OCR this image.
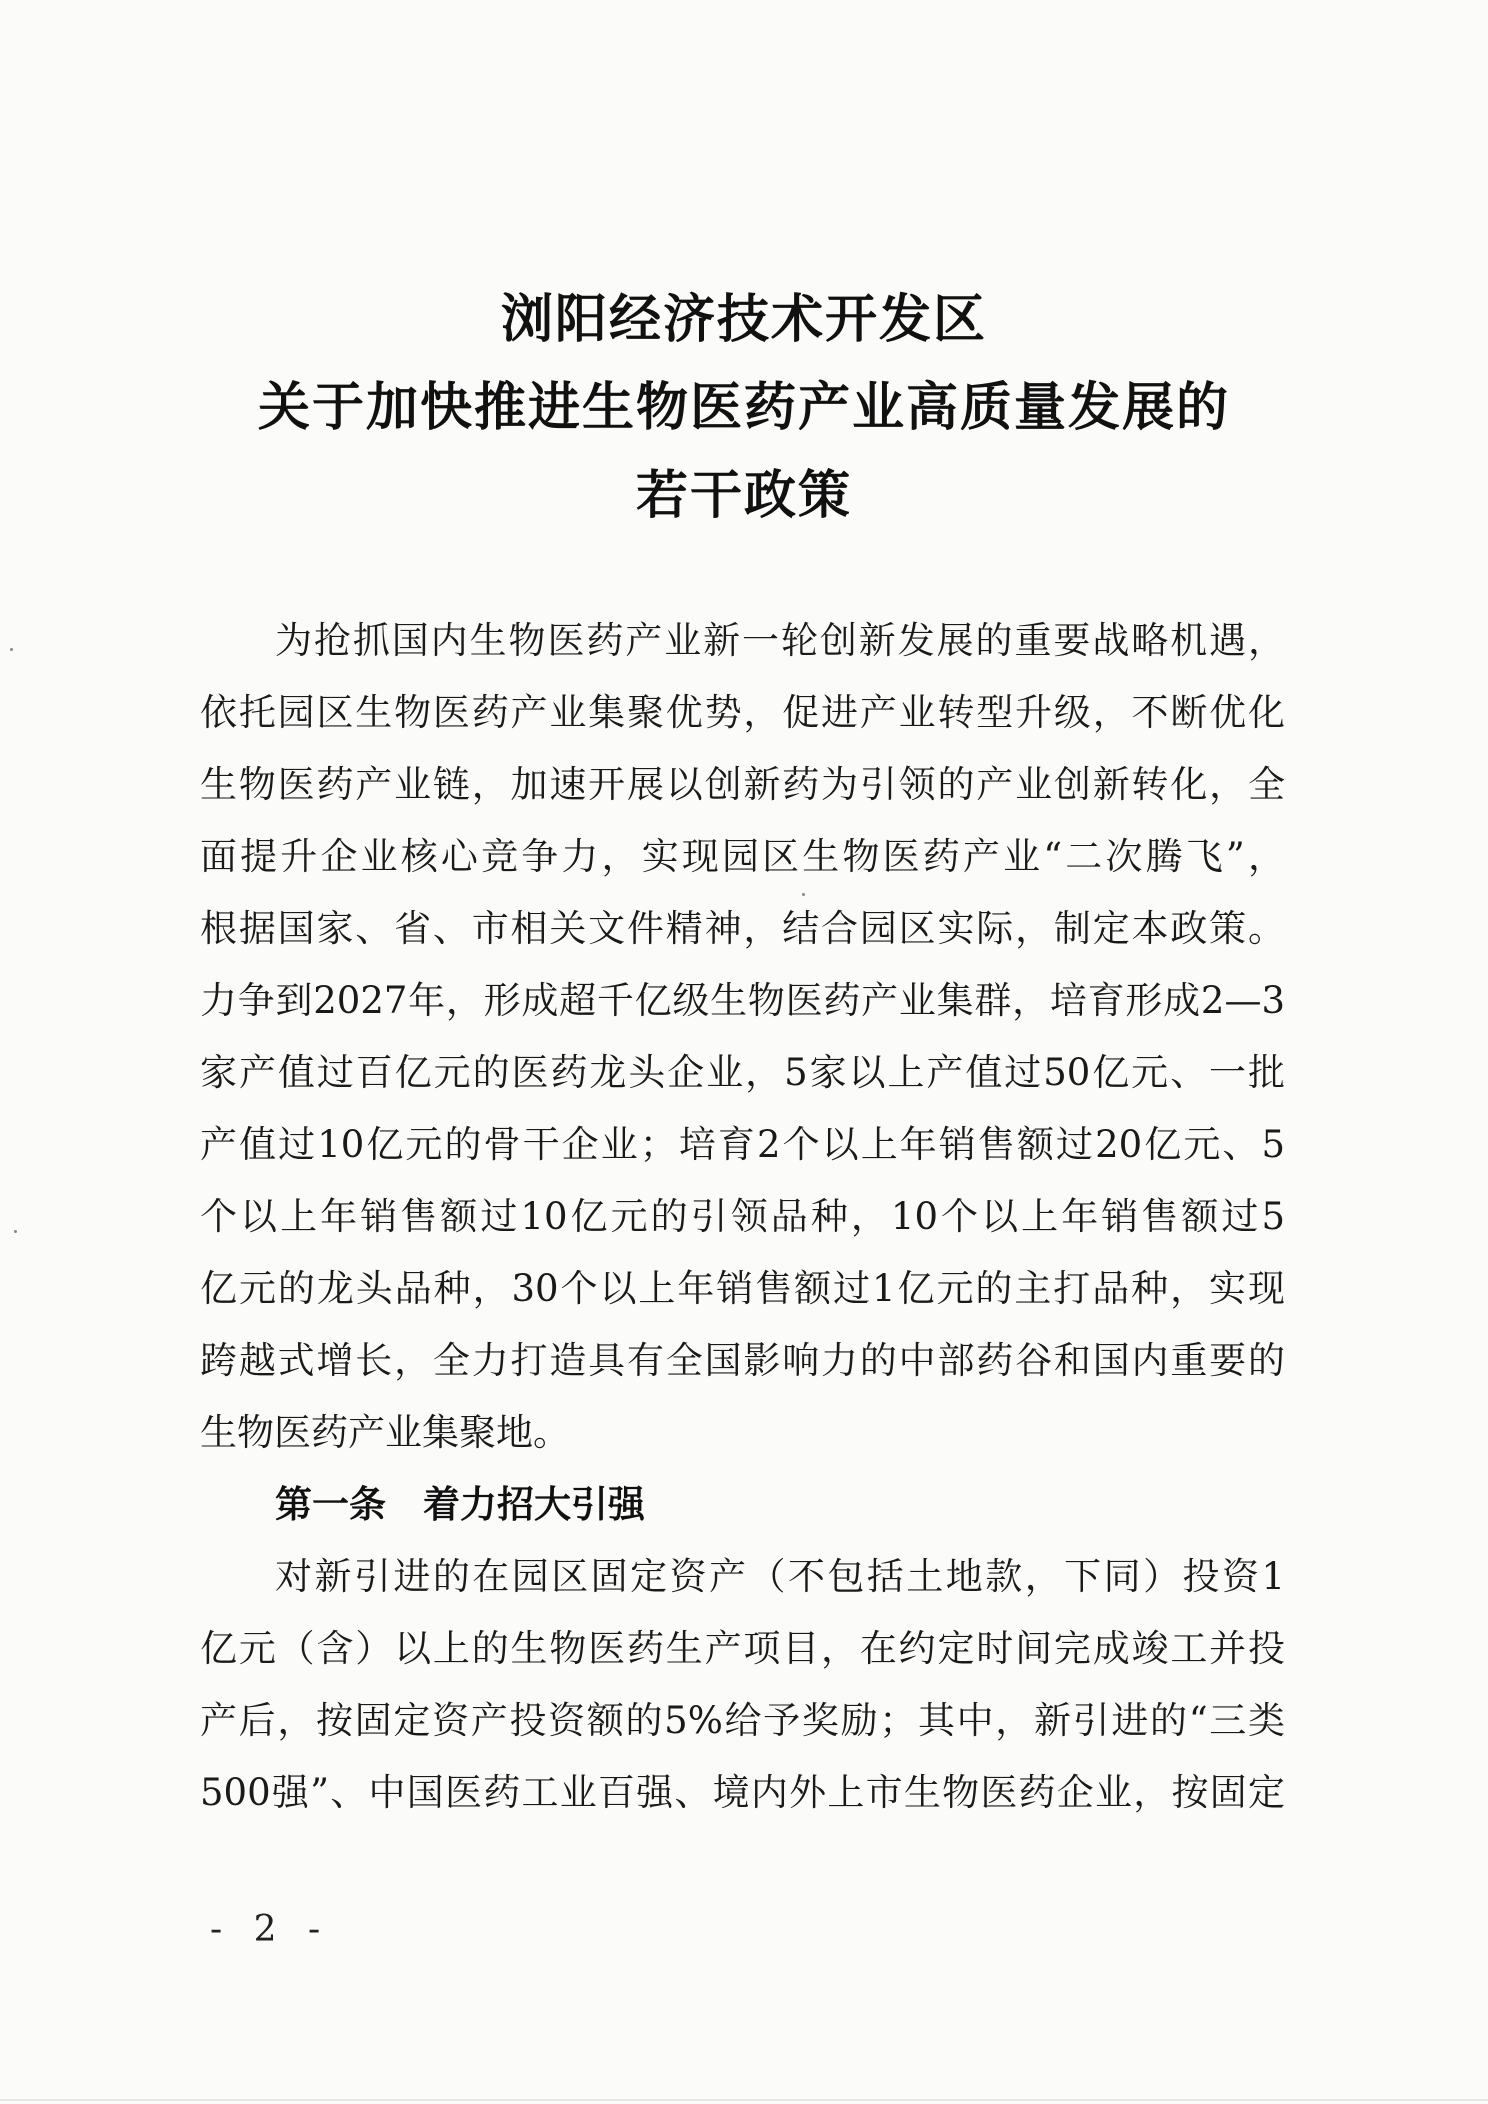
浏阳经济技术开发区
关于加快推进生物医药产业高质量发展的
若干政策
为抢抓国内生物医药产业新一轮创新发展的重要战略机遇，
依托园区生物医药产业集聚优势，促进产业转型升级，不断优化
生物医药产业链，加速开展以创新药为引领的产业创新转化，全
面提升企业核心竞争力，实现园区生物医药产业“二次腾飞”，
根据国家、省、市相关文件精神，结合园区实际，制定本政策。
力争到2027年，形成超千亿级生物医药产业集群，培育形成2—3
家产值过百亿元的医药龙头企业，5家以上产值过50亿元、一批
产值过10亿元的骨干企业；培育2个以上年销售额过20亿元、5
个以上年销售额过10亿元的引领品种，10个以上年销售额过5
亿元的龙头品种，30个以上年销售额过1亿元的主打品种，实现
跨越式增长，全力打造具有全国影响力的中部药谷和国内重要的
生物医药产业集聚地。
第一条　着力招大引强
对新引进的在园区固定资产（不包括土地款，下同）投资1
亿元（含）以上的生物医药生产项目，在约定时间完成竣工并投
产后，按固定资产投资额的5%给予奖励；其中，新引进的“三类
500强”、中国医药工业百强、境内外上市生物医药企业，按固定
- 2 -
